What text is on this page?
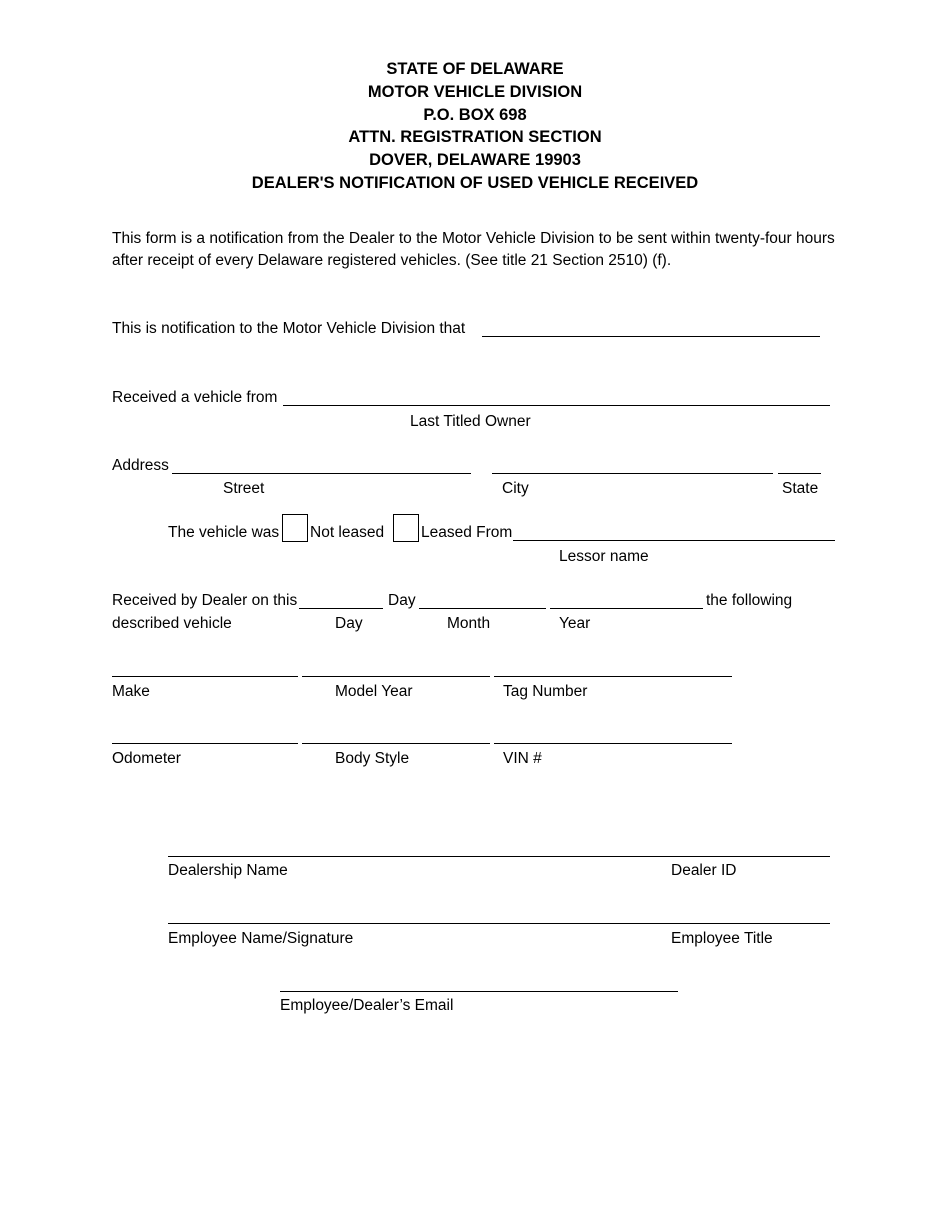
STATE OF DELAWARE
MOTOR VEHICLE DIVISION
P.O. BOX 698
ATTN. REGISTRATION SECTION
DOVER, DELAWARE 19903
DEALER'S NOTIFICATION OF USED VEHICLE RECEIVED
This form is a notification from the Dealer to the Motor Vehicle Division to be sent within twenty-four hours after receipt of every Delaware registered vehicles. (See title 21 Section 2510) (f).
This is notification to the Motor Vehicle Division that
Received a vehicle from
Last Titled Owner
Address
Street	City	State
The vehicle was Not leased Leased From
Lessor name
Received by Dealer on this	Day	the following
described vehicle	Day	Month	Year
Make	Model Year	Tag Number
Odometer	Body Style	VIN #
Dealership Name	Dealer ID
Employee Name/Signature	Employee Title
Employee/Dealer’s Email
